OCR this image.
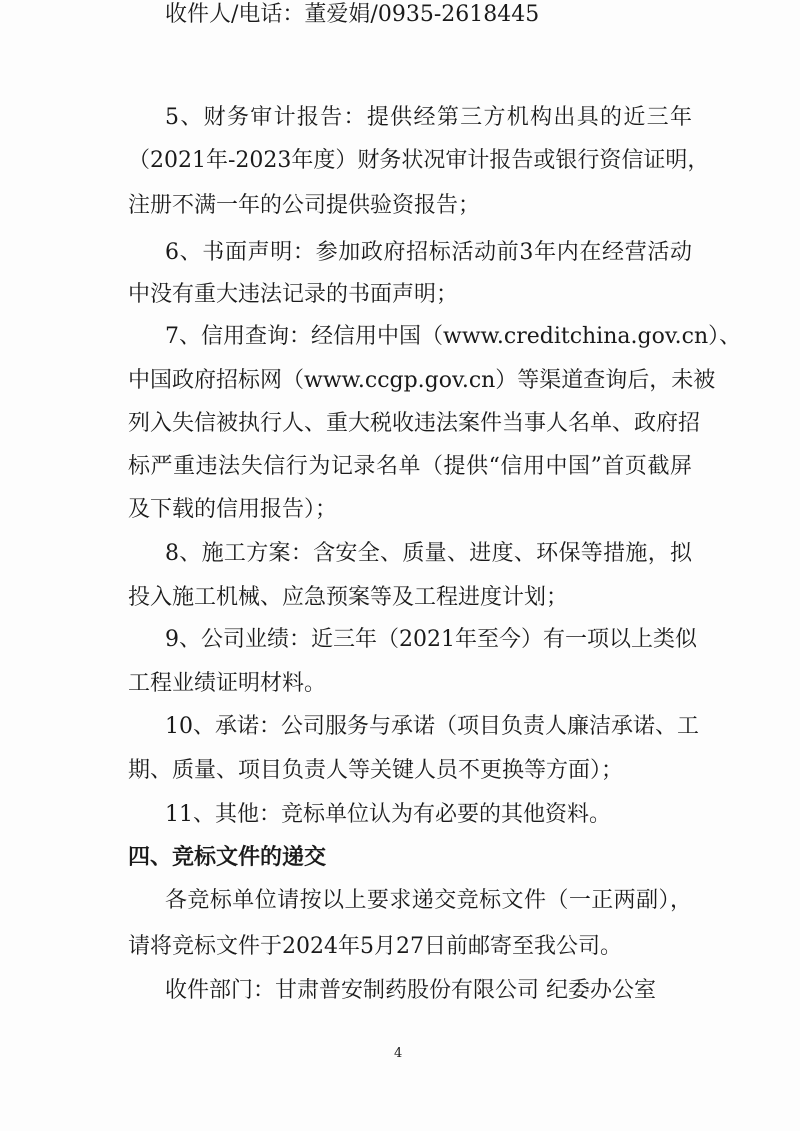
5、财务审计报告：提供经第三方机构出具的近三年
（2021年-2023年度）财务状况审计报告或银行资信证明，
注册不满一年的公司提供验资报告；
6、书面声明：参加政府招标活动前3年内在经营活动
中没有重大违法记录的书面声明；
7、信用查询：经信用中国（www.creditchina.gov.cn）、
中国政府招标网（www.ccgp.gov.cn）等渠道查询后，未被
列入失信被执行人、重大税收违法案件当事人名单、政府招
标严重违法失信行为记录名单（提供“信用中国”首页截屏
及下载的信用报告）；
8、施工方案：含安全、质量、进度、环保等措施，拟
投入施工机械、应急预案等及工程进度计划；
9、公司业绩：近三年（2021年至今）有一项以上类似
工程业绩证明材料。
10、承诺：公司服务与承诺（项目负责人廉洁承诺、工
期、质量、项目负责人等关键人员不更换等方面）；
11、其他：竞标单位认为有必要的其他资料。
四、竞标文件的递交
各竞标单位请按以上要求递交竞标文件（一正两副），
请将竞标文件于2024年5月27日前邮寄至我公司。
收件部门：甘肃普安制药股份有限公司 纪委办公室
收件人/电话：董爱娟/0935-2618445
4
